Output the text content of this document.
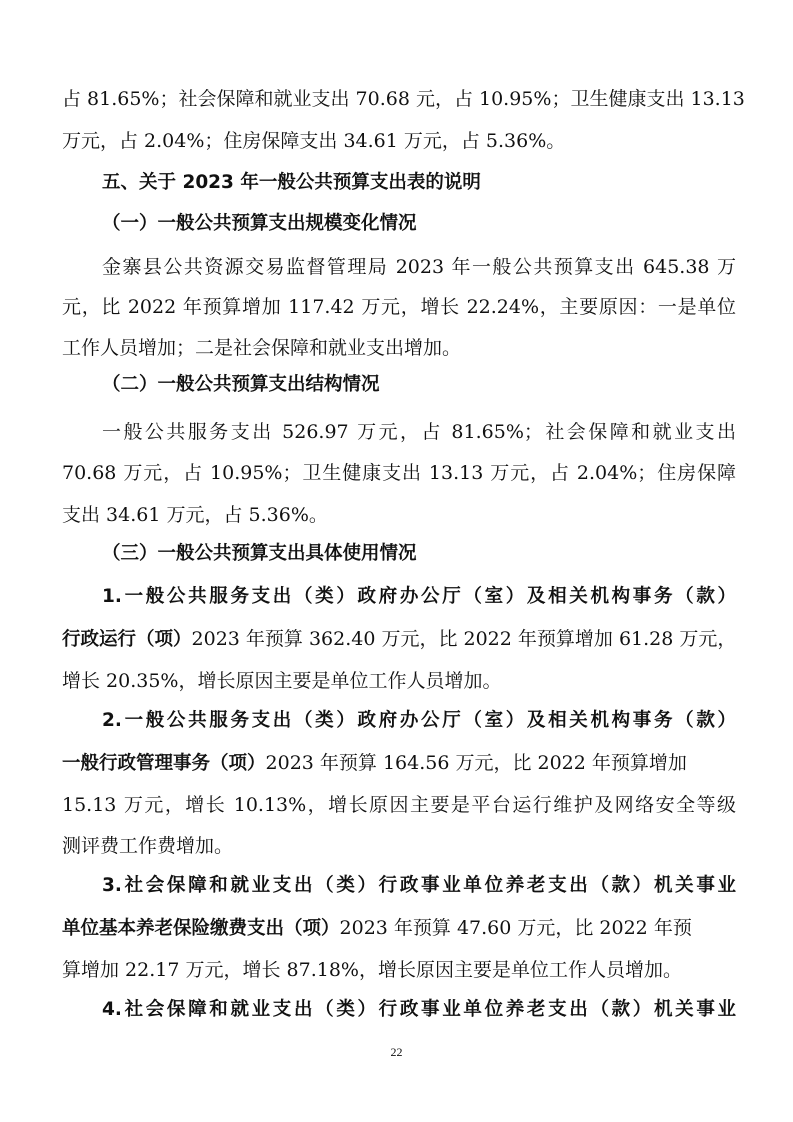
占 81.65%；社会保障和就业支出 70.68 元，占 10.95%；卫生健康支出 13.13
万元，占 2.04%；住房保障支出 34.61 万元，占 5.36%。
五、关于 2023 年一般公共预算支出表的说明
（一）一般公共预算支出规模变化情况
金寨县公共资源交易监督管理局 2023 年一般公共预算支出 645.38 万
元，比 2022 年预算增加 117.42 万元，增长 22.24%，主要原因：一是单位
工作人员增加；二是社会保障和就业支出增加。
（二）一般公共预算支出结构情况
一般公共服务支出 526.97 万元，占 81.65%；社会保障和就业支出
70.68 万元，占 10.95%；卫生健康支出 13.13 万元，占 2.04%；住房保障
支出 34.61 万元，占 5.36%。
（三）一般公共预算支出具体使用情况
1.一般公共服务支出（类）政府办公厅（室）及相关机构事务（款）
行政运行（项）2023 年预算 362.40 万元，比 2022 年预算增加 61.28 万元，
增长 20.35%，增长原因主要是单位工作人员增加。
2.一般公共服务支出（类）政府办公厅（室）及相关机构事务（款）
一般行政管理事务（项）2023 年预算 164.56 万元，比 2022 年预算增加
15.13 万元，增长 10.13%，增长原因主要是平台运行维护及网络安全等级
测评费工作费增加。
3.社会保障和就业支出（类）行政事业单位养老支出（款）机关事业
单位基本养老保险缴费支出（项）2023 年预算 47.60 万元，比 2022 年预
算增加 22.17 万元，增长 87.18%，增长原因主要是单位工作人员增加。
4.社会保障和就业支出（类）行政事业单位养老支出（款）机关事业
22
